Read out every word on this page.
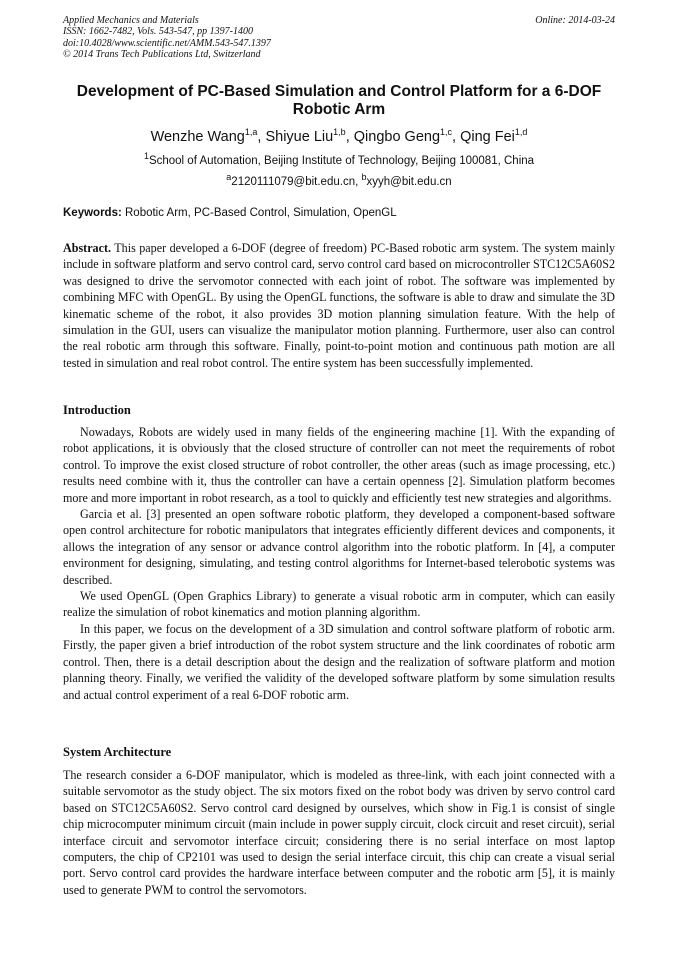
Applied Mechanics and Materials
ISSN: 1662-7482, Vols. 543-547, pp 1397-1400
doi:10.4028/www.scientific.net/AMM.543-547.1397
© 2014 Trans Tech Publications Ltd, Switzerland
Online: 2014-03-24
Development of PC-Based Simulation and Control Platform for a 6-DOF Robotic Arm
Wenzhe Wang$^{1,a}$, Shiyue Liu$^{1,b}$, Qingbo Geng$^{1,c}$, Qing Fei$^{1,d}$
$^1$School of Automation, Beijing Institute of Technology, Beijing 100081, China
$^a$2120111079@bit.edu.cn, $^b$xyyh@bit.edu.cn
Keywords: Robotic Arm, PC-Based Control, Simulation, OpenGL
Abstract. This paper developed a 6-DOF (degree of freedom) PC-Based robotic arm system. The system mainly include in software platform and servo control card, servo control card based on microcontroller STC12C5A60S2 was designed to drive the servomotor connected with each joint of robot. The software was implemented by combining MFC with OpenGL. By using the OpenGL functions, the software is able to draw and simulate the 3D kinematic scheme of the robot, it also provides 3D motion planning simulation feature. With the help of simulation in the GUI, users can visualize the manipulator motion planning. Furthermore, user also can control the real robotic arm through this software. Finally, point-to-point motion and continuous path motion are all tested in simulation and real robot control. The entire system has been successfully implemented.
Introduction

Nowadays, Robots are widely used in many fields of the engineering machine [1]. With the expanding of robot applications, it is obviously that the closed structure of controller can not meet the requirements of robot control. To improve the exist closed structure of robot controller, the other areas (such as image processing, etc.) results need combine with it, thus the controller can have a certain openness [2]. Simulation platform becomes more and more important in robot research, as a tool to quickly and efficiently test new strategies and algorithms.

Garcia et al. [3] presented an open software robotic platform, they developed a component-based software open control architecture for robotic manipulators that integrates efficiently different devices and components, it allows the integration of any sensor or advance control algorithm into the robotic platform. In [4], a computer environment for designing, simulating, and testing control algorithms for Internet-based telerobotic systems was described.

We used OpenGL (Open Graphics Library) to generate a visual robotic arm in computer, which can easily realize the simulation of robot kinematics and motion planning algorithm.

In this paper, we focus on the development of a 3D simulation and control software platform of robotic arm. Firstly, the paper given a brief introduction of the robot system structure and the link coordinates of robotic arm control. Then, there is a detail description about the design and the realization of software platform and motion planning theory. Finally, we verified the validity of the developed software platform by some simulation results and actual control experiment of a real 6-DOF robotic arm.

System Architecture

The research consider a 6-DOF manipulator, which is modeled as three-link, with each joint connected with a suitable servomotor as the study object. The six motors fixed on the robot body was driven by servo control card based on STC12C5A60S2. Servo control card designed by ourselves, which show in Fig.1 is consist of single chip microcomputer minimum circuit (main include in power supply circuit, clock circuit and reset circuit), serial interface circuit and servomotor interface circuit; considering there is no serial interface on most laptop computers, the chip of CP2101 was used to design the serial interface circuit, this chip can create a visual serial port. Servo control card provides the hardware interface between computer and the robotic arm [5], it is mainly used to generate PWM to control the servomotors.
